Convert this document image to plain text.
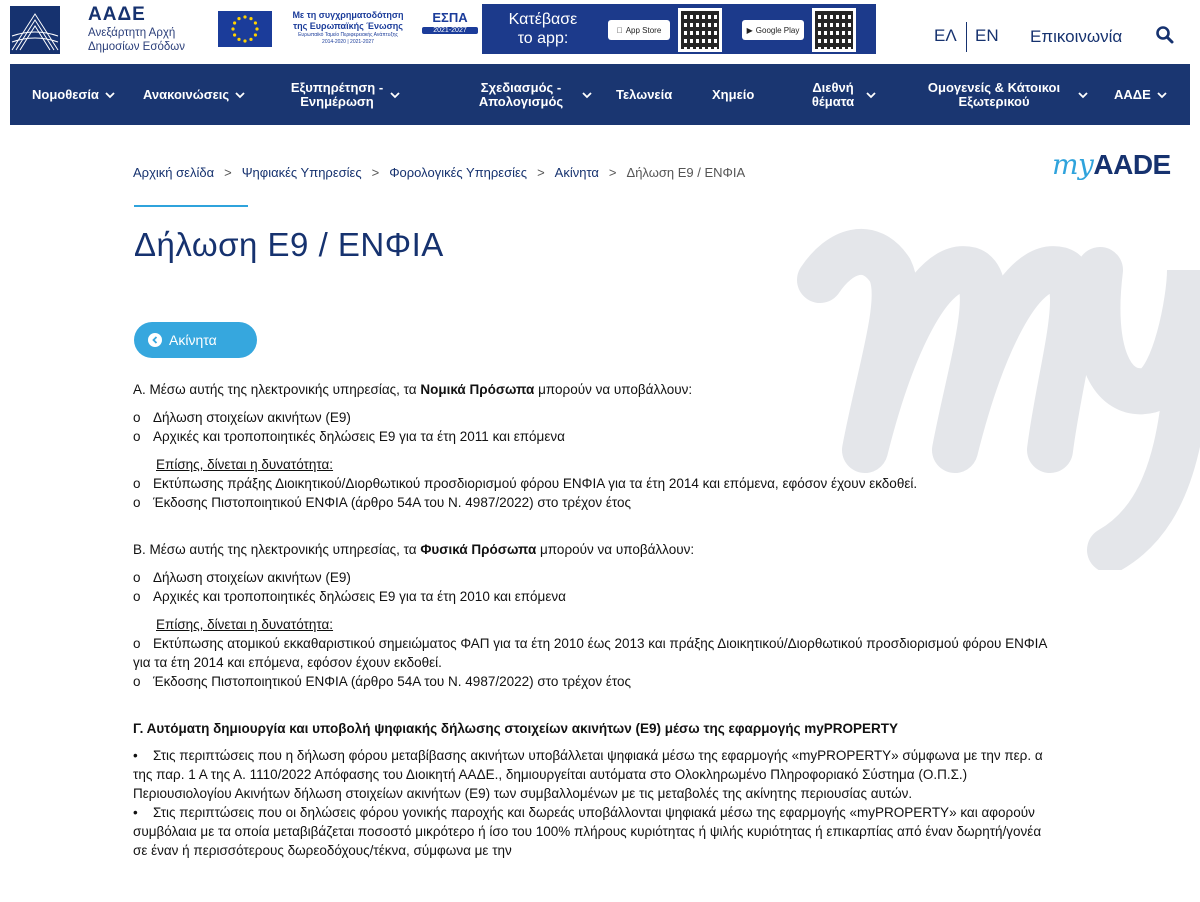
ΑΑΔΕ
Ανεξάρτητη Αρχή
Δημοσίων Εσόδων
Με τη συγχρηματοδότηση
της Ευρωπαϊκής Ένωσης
Ευρωπαϊκό Ταμείο Περιφερειακής Ανάπτυξης
2014-2020 | 2021-2027
ΕΣΠΑ
2021-2027
Κατέβασε
το app:	App Store	▶ Google Play	ΕΛ EN Επικοινωνία
Νομοθεσία	Ανακοινώσεις	Εξυπηρέτηση -
Ενημέρωση
Σχεδιασμός -
Απολογισμός	Τελωνεία	Χημείο	Διεθνή
θέματα
Ομογενείς & Κάτοικοι
Εξωτερικού	ΑΑΔΕ
myAADE
Αρχική σελίδα > Ψηφιακές Υπηρεσίες > Φορολογικές Υπηρεσίες > Ακίνητα > Δήλωση Ε9 / ΕΝΦΙΑ
Δήλωση Ε9 / ΕΝΦΙΑ
Ακίνητα
Α. Μέσω αυτής της ηλεκτρονικής υπηρεσίας, τα Νομικά Πρόσωπα μπορούν να υποβάλλουν:
o Δήλωση στοιχείων ακινήτων (Ε9)
o Αρχικές και τροποποιητικές δηλώσεις Ε9 για τα έτη 2011 και επόμενα
Επίσης, δίνεται η δυνατότητα:
o Εκτύπωσης πράξης Διοικητικού/Διορθωτικού προσδιορισμού φόρου ΕΝΦΙΑ για τα έτη 2014 και επόμενα, εφόσον έχουν εκδοθεί.
o Έκδοσης Πιστοποιητικού ΕΝΦΙΑ (άρθρο 54Α του Ν. 4987/2022) στο τρέχον έτος
Β. Μέσω αυτής της ηλεκτρονικής υπηρεσίας, τα Φυσικά Πρόσωπα μπορούν να υποβάλλουν:
o Δήλωση στοιχείων ακινήτων (Ε9)
o Αρχικές και τροποποιητικές δηλώσεις Ε9 για τα έτη 2010 και επόμενα
Επίσης, δίνεται η δυνατότητα:
o Εκτύπωσης ατομικού εκκαθαριστικού σημειώματος ΦΑΠ για τα έτη 2010 έως 2013 και πράξης Διοικητικού/Διορθωτικού προσδιορισμού φόρου ΕΝΦΙΑ για τα έτη 2014 και επόμενα, εφόσον έχουν εκδοθεί.
o Έκδοσης Πιστοποιητικού ΕΝΦΙΑ (άρθρο 54Α του Ν. 4987/2022) στο τρέχον έτος
Γ. Αυτόματη δημιουργία και υποβολή ψηφιακής δήλωσης στοιχείων ακινήτων (Ε9) μέσω της εφαρμογής myPROPERTY
• Στις περιπτώσεις που η δήλωση φόρου μεταβίβασης ακινήτων υποβάλλεται ψηφιακά μέσω της εφαρμογής «myPROPERTY» σύμφωνα με την περ. α της παρ. 1 Α της Α. 1110/2022 Απόφασης του Διοικητή ΑΑΔΕ., δημιουργείται αυτόματα στο Ολοκληρωμένο Πληροφοριακό Σύστημα (Ο.Π.Σ.) Περιουσιολογίου Ακινήτων δήλωση στοιχείων ακινήτων (Ε9) των συμβαλλομένων με τις μεταβολές της ακίνητης περιουσίας αυτών.
• Στις περιπτώσεις που οι δηλώσεις φόρου γονικής παροχής και δωρεάς υποβάλλονται ψηφιακά μέσω της εφαρμογής «myPROPERTY» και αφορούν συμβόλαια με τα οποία μεταβιβάζεται ποσοστό μικρότερο ή ίσο του 100% πλήρους κυριότητας ή ψιλής κυριότητας ή επικαρπίας από έναν δωρητή/γονέα σε έναν ή περισσότερους δωρεοδόχους/τέκνα, σύμφωνα με την
